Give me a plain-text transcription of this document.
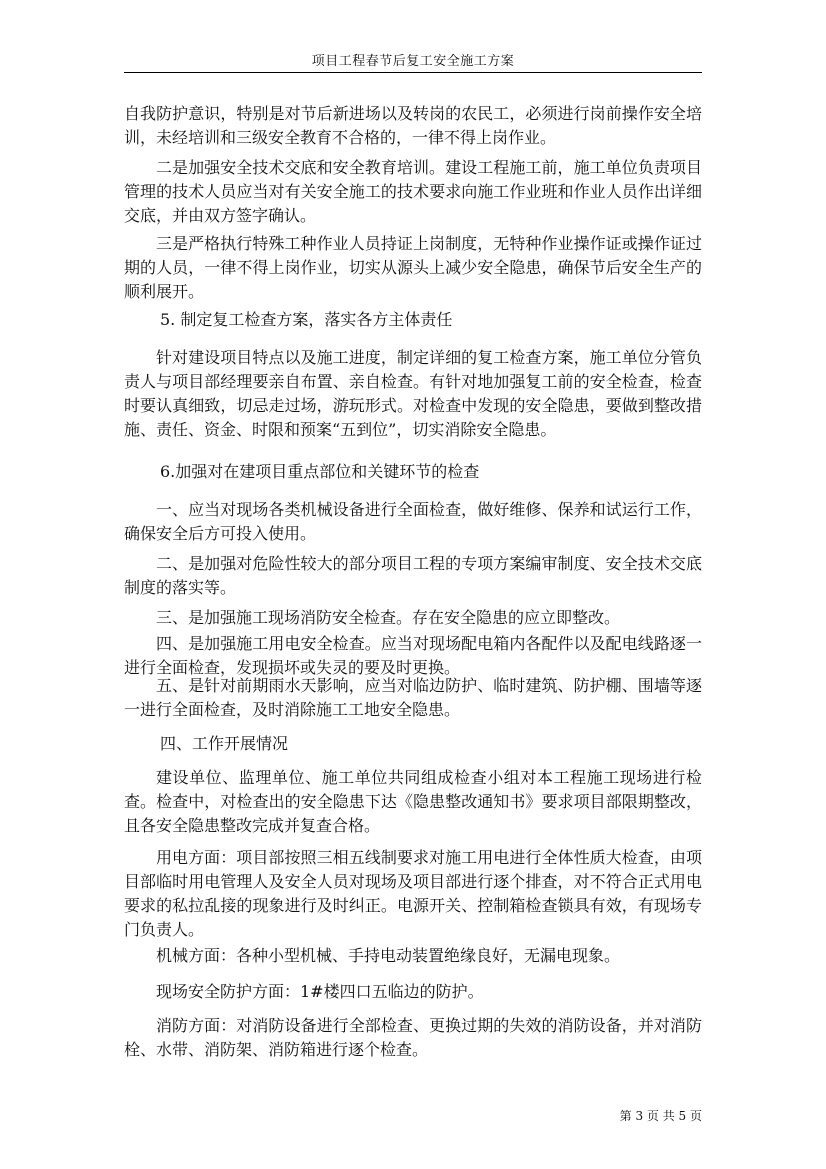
项目工程春节后复工安全施工方案

自我防护意识，特别是对节后新进场以及转岗的农民工，必须进行岗前操作安全培训，未经培训和三级安全教育不合格的，一律不得上岗作业。

二是加强安全技术交底和安全教育培训。建设工程施工前，施工单位负责项目管理的技术人员应当对有关安全施工的技术要求向施工作业班和作业人员作出详细交底，并由双方签字确认。

三是严格执行特殊工种作业人员持证上岗制度，无特种作业操作证或操作证过期的人员，一律不得上岗作业，切实从源头上减少安全隐患，确保节后安全生产的顺利展开。

5. 制定复工检查方案，落实各方主体责任

针对建设项目特点以及施工进度，制定详细的复工检查方案，施工单位分管负责人与项目部经理要亲自布置、亲自检查。有针对地加强复工前的安全检查，检查时要认真细致，切忌走过场，游玩形式。对检查中发现的安全隐患，要做到整改措施、责任、资金、时限和预案“五到位”，切实消除安全隐患。

6.加强对在建项目重点部位和关键环节的检查

一、应当对现场各类机械设备进行全面检查，做好维修、保养和试运行工作，确保安全后方可投入使用。

二、是加强对危险性较大的部分项目工程的专项方案编审制度、安全技术交底制度的落实等。

三、是加强施工现场消防安全检查。存在安全隐患的应立即整改。

四、是加强施工用电安全检查。应当对现场配电箱内各配件以及配电线路逐一进行全面检查，发现损坏或失灵的要及时更换。

五、是针对前期雨水天影响，应当对临边防护、临时建筑、防护棚、围墙等逐一进行全面检查，及时消除施工工地安全隐患。

四、工作开展情况

建设单位、监理单位、施工单位共同组成检查小组对本工程施工现场进行检查。检查中，对检查出的安全隐患下达《隐患整改通知书》要求项目部限期整改，且各安全隐患整改完成并复查合格。

用电方面：项目部按照三相五线制要求对施工用电进行全体性质大检查，由项目部临时用电管理人及安全人员对现场及项目部进行逐个排查，对不符合正式用电要求的私拉乱接的现象进行及时纠正。电源开关、控制箱检查锁具有效，有现场专门负责人。

机械方面：各种小型机械、手持电动装置绝缘良好，无漏电现象。

现场安全防护方面：1#楼四口五临边的防护。

消防方面：对消防设备进行全部检查、更换过期的失效的消防设备，并对消防栓、水带、消防架、消防箱进行逐个检查。

第 3 页 共 5 页
